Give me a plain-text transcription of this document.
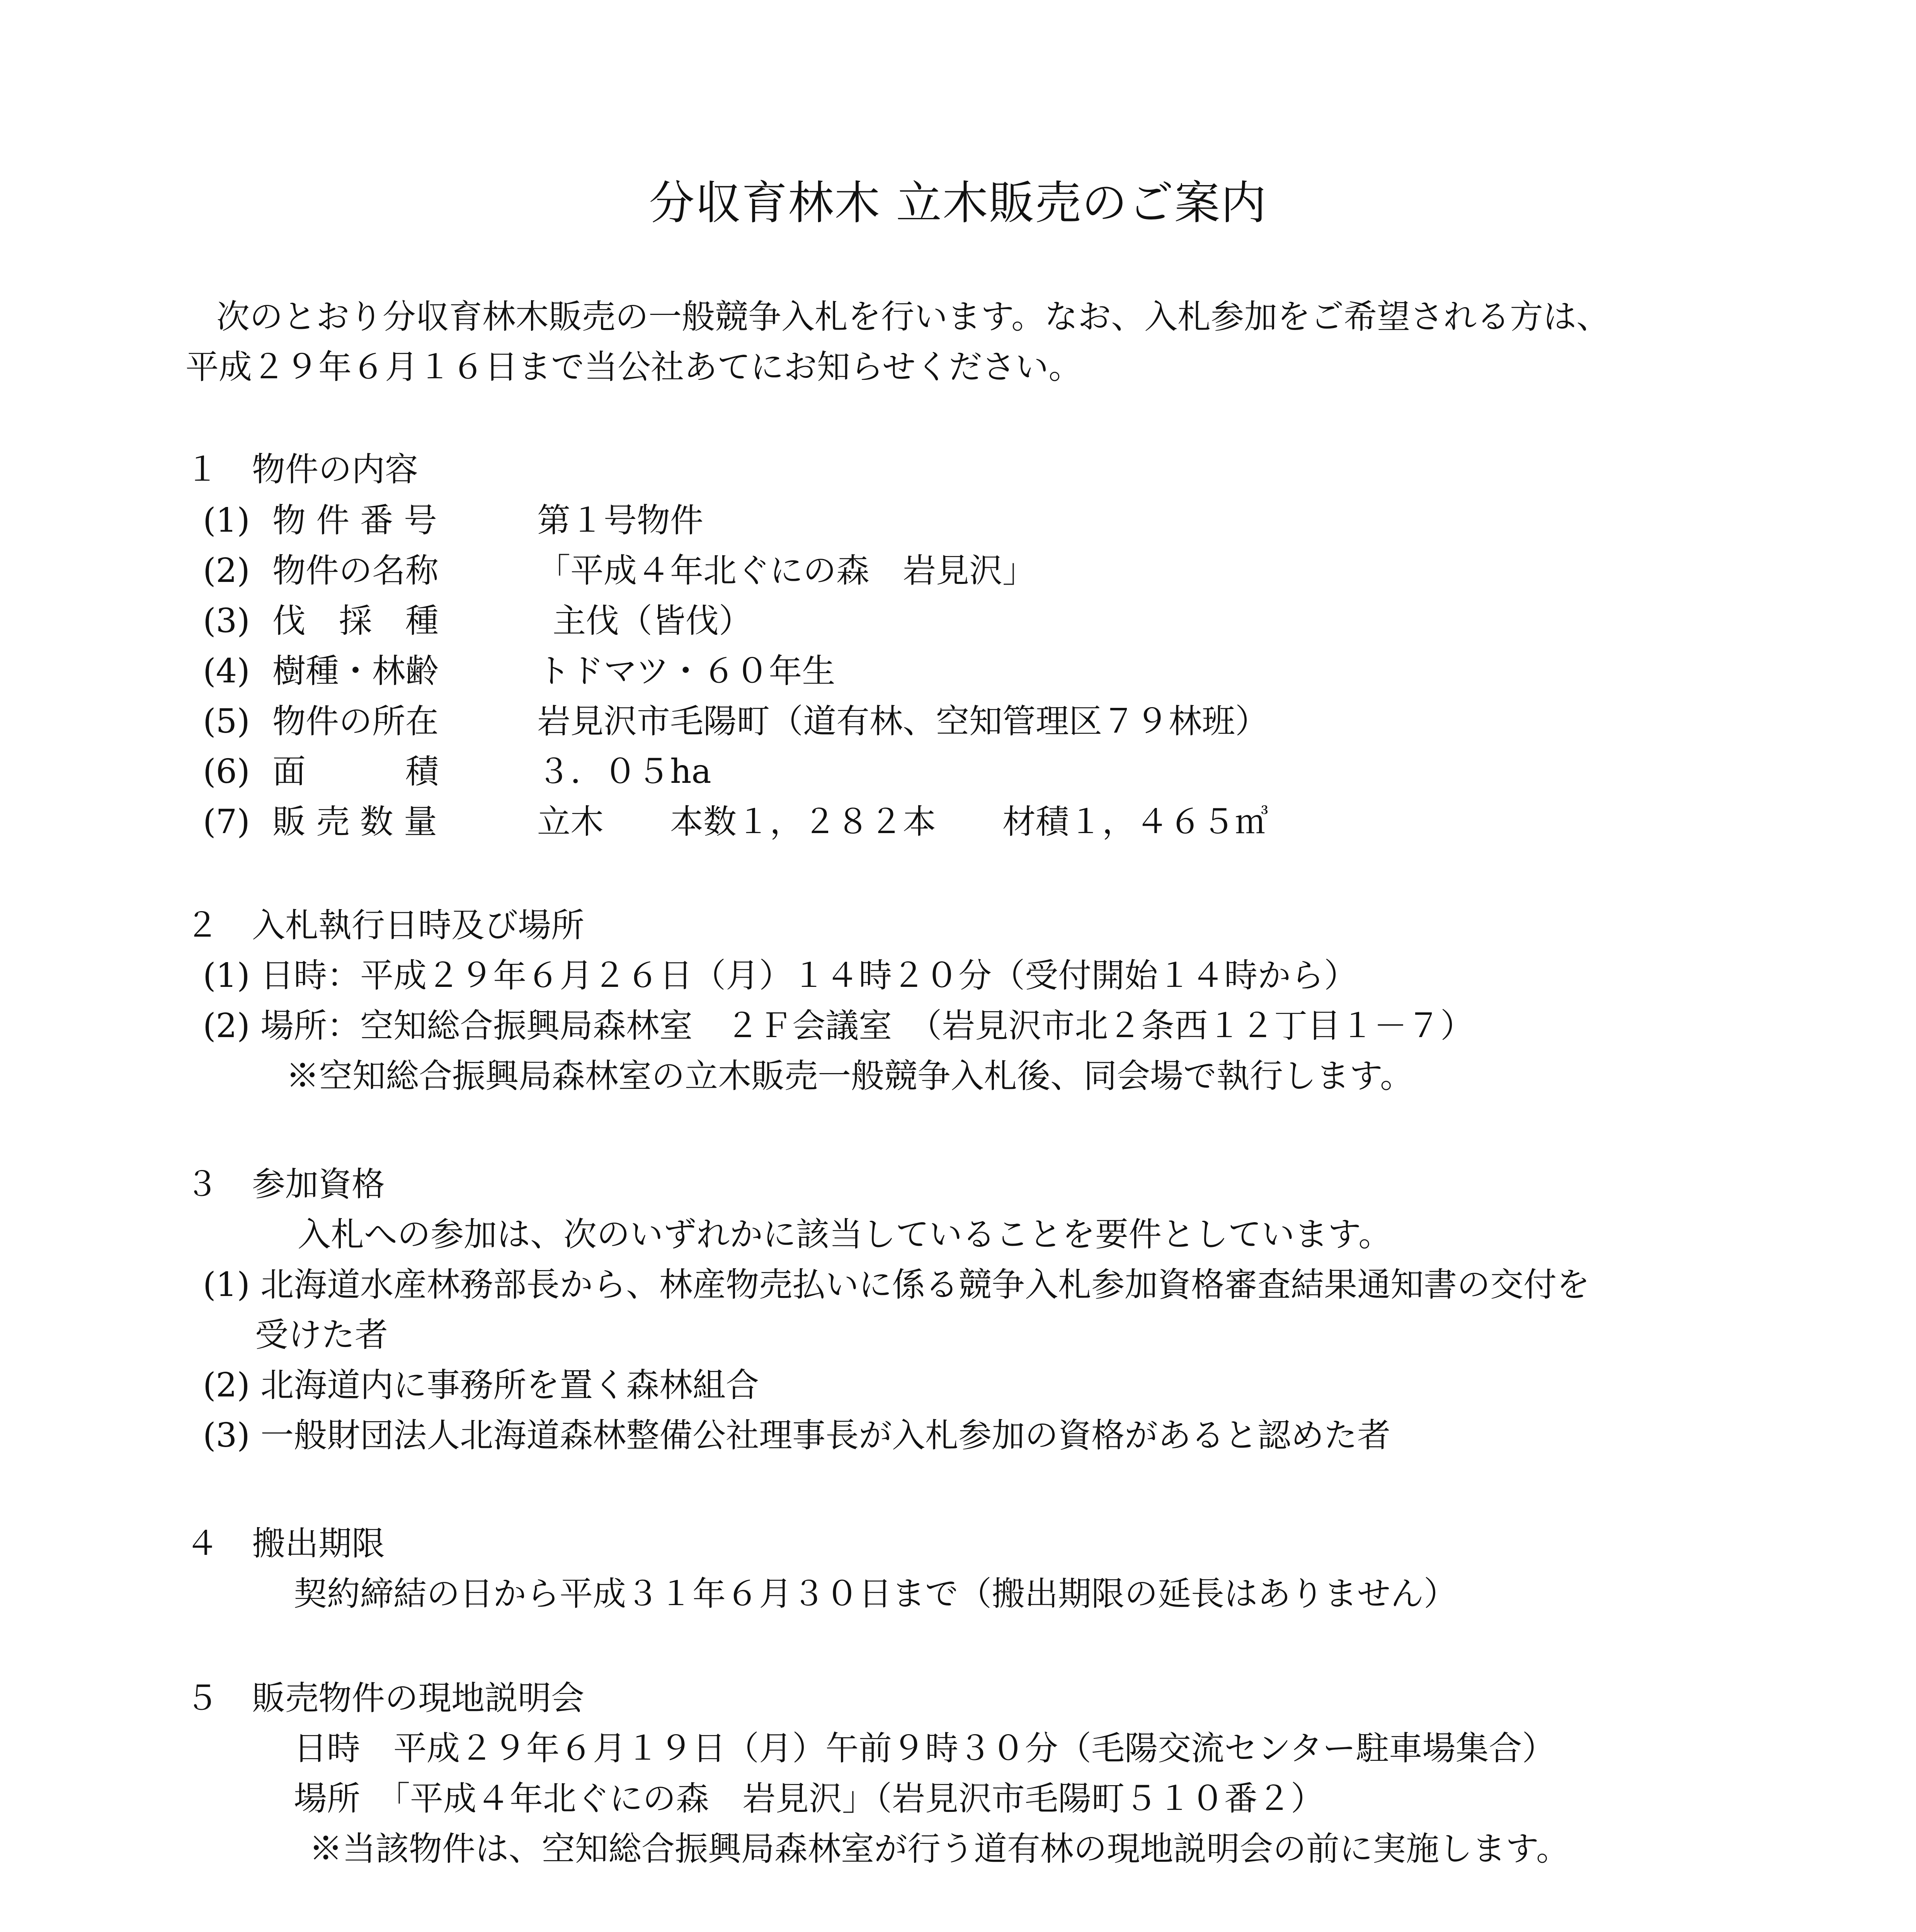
分収育林木 立木販売のご案内
次のとおり分収育林木販売の一般競争入札を行います。なお、入札参加をご希望される方は、
平成２９年６月１６日まで当公社あてにお知らせください。
１　物件の内容
(1) 物 件 番 号	第１号物件
(2) 物件の名称	「平成４年北ぐにの森　岩見沢」
(3) 伐　採　種	主伐（皆伐）
(4) 樹種・林齢	トドマツ・６０年生
(5) 物件の所在	岩見沢市毛陽町（道有林、空知管理区７９林班）
(6) 面　　　積	３．０５ha
(7) 販 売 数 量	立木　　本数１，２８２本　　材積１，４６５㎥
２　入札執行日時及び場所
(1) 日時：平成２９年６月２６日（月）１４時２０分（受付開始１４時から）
(2) 場所：空知総合振興局森林室　２Ｆ会議室　（岩見沢市北２条西１２丁目１－７）
※空知総合振興局森林室の立木販売一般競争入札後、同会場で執行します。
３　参加資格
入札への参加は、次のいずれかに該当していることを要件としています。
(1) 北海道水産林務部長から、林産物売払いに係る競争入札参加資格審査結果通知書の交付を
受けた者
(2) 北海道内に事務所を置く森林組合
(3) 一般財団法人北海道森林整備公社理事長が入札参加の資格があると認めた者
４　搬出期限
契約締結の日から平成３１年６月３０日まで（搬出期限の延長はありません）
５　販売物件の現地説明会
日時　平成２９年６月１９日（月）午前９時３０分（毛陽交流センター駐車場集合）
場所　「平成４年北ぐにの森　岩見沢」（岩見沢市毛陽町５１０番２）
※当該物件は、空知総合振興局森林室が行う道有林の現地説明会の前に実施します。
